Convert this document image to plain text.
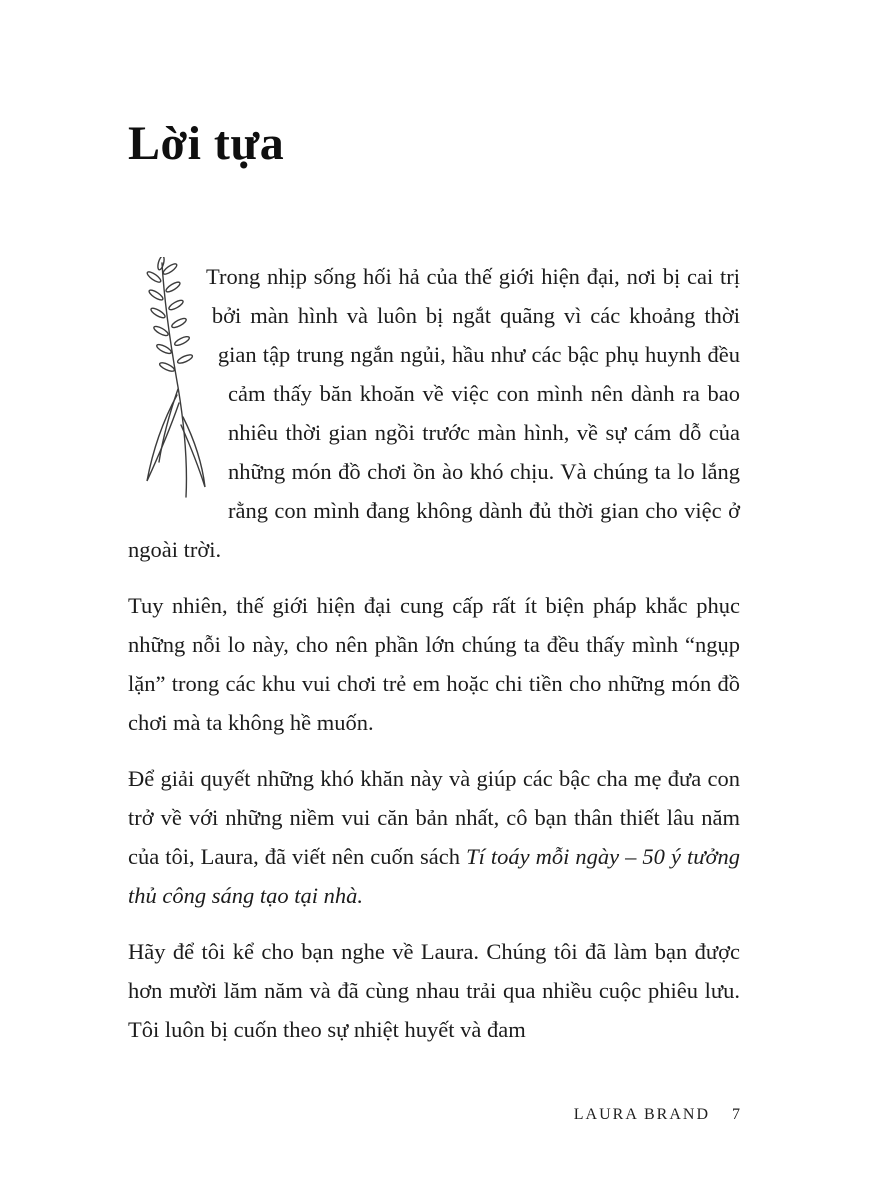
Lời tựa

Trong nhịp sống hối hả của thế giới hiện đại, nơi bị cai trị bởi màn hình và luôn bị ngắt quãng vì các khoảng thời gian tập trung ngắn ngủi, hầu như các bậc phụ huynh đều cảm thấy băn khoăn về việc con mình nên dành ra bao nhiêu thời gian ngồi trước màn hình, về sự cám dỗ của những món đồ chơi ồn ào khó chịu. Và chúng ta lo lắng rằng con mình đang không dành đủ thời gian cho việc ở ngoài trời.

Tuy nhiên, thế giới hiện đại cung cấp rất ít biện pháp khắc phục những nỗi lo này, cho nên phần lớn chúng ta đều thấy mình “ngụp lặn” trong các khu vui chơi trẻ em hoặc chi tiền cho những món đồ chơi mà ta không hề muốn.

Để giải quyết những khó khăn này và giúp các bậc cha mẹ đưa con trở về với những niềm vui căn bản nhất, cô bạn thân thiết lâu năm của tôi, Laura, đã viết nên cuốn sách Tí toáy mỗi ngày – 50 ý tưởng thủ công sáng tạo tại nhà.

Hãy để tôi kể cho bạn nghe về Laura. Chúng tôi đã làm bạn được hơn mười lăm năm và đã cùng nhau trải qua nhiều cuộc phiêu lưu. Tôi luôn bị cuốn theo sự nhiệt huyết và đam

LAURA BRAND 7
